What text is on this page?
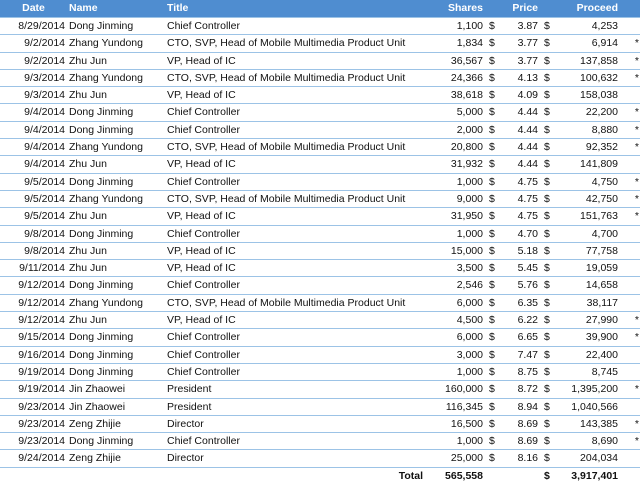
Date	Name	Title	Shares	Price		Proceed		
8/29/2014	Dong Jinming	Chief Controller	1,100	$	3.87	$	4,253	
9/2/2014	Zhang Yundong	CTO, SVP, Head of Mobile Multimedia Product Unit	1,834	$	3.77	$	6,914	*
9/2/2014	Zhu Jun	VP, Head of IC	36,567	$	3.77	$	137,858	*
9/3/2014	Zhang Yundong	CTO, SVP, Head of Mobile Multimedia Product Unit	24,366	$	4.13	$	100,632	*
9/3/2014	Zhu Jun	VP, Head of IC	38,618	$	4.09	$	158,038	
9/4/2014	Dong Jinming	Chief Controller	5,000	$	4.44	$	22,200	*
9/4/2014	Dong Jinming	Chief Controller	2,000	$	4.44	$	8,880	*
9/4/2014	Zhang Yundong	CTO, SVP, Head of Mobile Multimedia Product Unit	20,800	$	4.44	$	92,352	*
9/4/2014	Zhu Jun	VP, Head of IC	31,932	$	4.44	$	141,809	
9/5/2014	Dong Jinming	Chief Controller	1,000	$	4.75	$	4,750	*
9/5/2014	Zhang Yundong	CTO, SVP, Head of Mobile Multimedia Product Unit	9,000	$	4.75	$	42,750	*
9/5/2014	Zhu Jun	VP, Head of IC	31,950	$	4.75	$	151,763	*
9/8/2014	Dong Jinming	Chief Controller	1,000	$	4.70	$	4,700	
9/8/2014	Zhu Jun	VP, Head of IC	15,000	$	5.18	$	77,758	
9/11/2014	Zhu Jun	VP, Head of IC	3,500	$	5.45	$	19,059	
9/12/2014	Dong Jinming	Chief Controller	2,546	$	5.76	$	14,658	
9/12/2014	Zhang Yundong	CTO, SVP, Head of Mobile Multimedia Product Unit	6,000	$	6.35	$	38,117	
9/12/2014	Zhu Jun	VP, Head of IC	4,500	$	6.22	$	27,990	*
9/15/2014	Dong Jinming	Chief Controller	6,000	$	6.65	$	39,900	*
9/16/2014	Dong Jinming	Chief Controller	3,000	$	7.47	$	22,400	
9/19/2014	Dong Jinming	Chief Controller	1,000	$	8.75	$	8,745	
9/19/2014	Jin Zhaowei	President	160,000	$	8.72	$	1,395,200	*
9/23/2014	Jin Zhaowei	President	116,345	$	8.94	$	1,040,566	
9/23/2014	Zeng Zhijie	Director	16,500	$	8.69	$	143,385	*
9/23/2014	Dong Jinming	Chief Controller	1,000	$	8.69	$	8,690	*
9/24/2014	Zeng Zhijie	Director	25,000	$	8.16	$	204,034	
		Total	565,558			$	3,917,401	
